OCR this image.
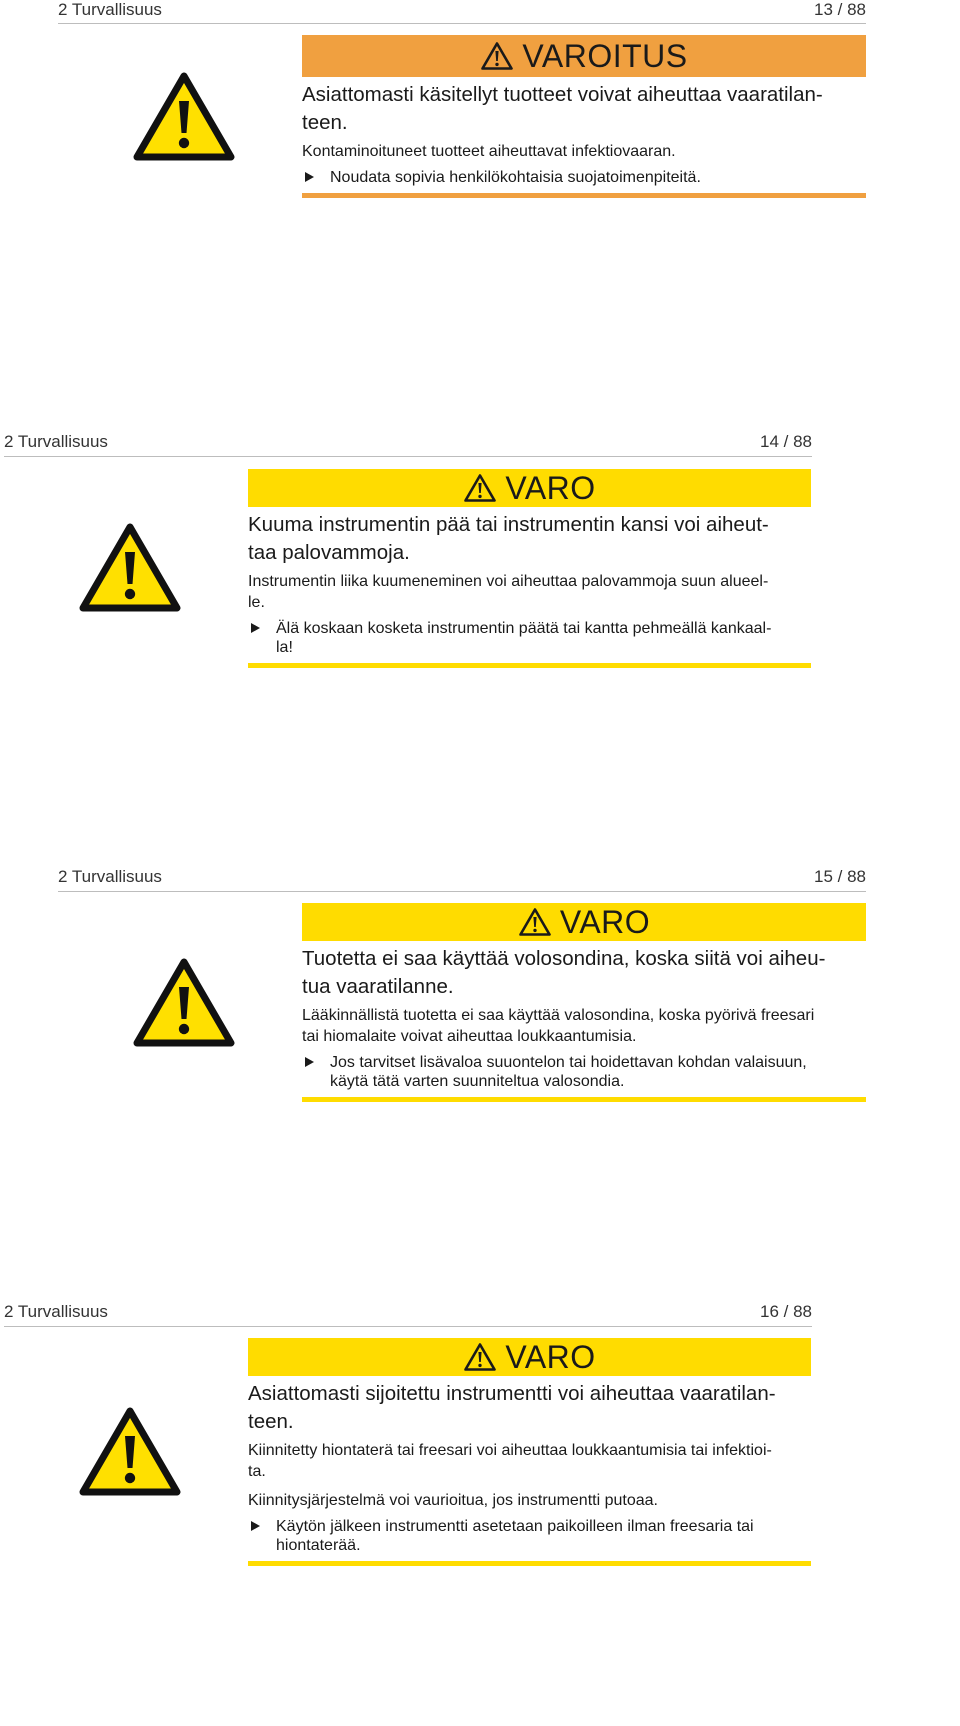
2 Turvallisuus	13 / 88
VAROITUS
Asiattomasti käsitellyt tuotteet voivat aiheuttaa vaaratilan-
teen.
Kontaminoituneet tuotteet aiheuttavat infektiovaaran.
Noudata sopivia henkilökohtaisia suojatoimenpiteitä.
2 Turvallisuus	14 / 88
VARO
Kuuma instrumentin pää tai instrumentin kansi voi aiheut-
taa palovammoja.
Instrumentin liika kuumeneminen voi aiheuttaa palovammoja suun alueel-
le.
Älä koskaan kosketa instrumentin päätä tai kantta pehmeällä kankaal-
la!
2 Turvallisuus	15 / 88
VARO
Tuotetta ei saa käyttää volosondina, koska siitä voi aiheu-
tua vaaratilanne.
Lääkinnällistä tuotetta ei saa käyttää valosondina, koska pyörivä freesari
tai hiomalaite voivat aiheuttaa loukkaantumisia.
Jos tarvitset lisävaloa suuontelon tai hoidettavan kohdan valaisuun,
käytä tätä varten suunniteltua valosondia.
2 Turvallisuus	16 / 88
VARO
Asiattomasti sijoitettu instrumentti voi aiheuttaa vaaratilan-
teen.
Kiinnitetty hiontaterä tai freesari voi aiheuttaa loukkaantumisia tai infektioi-
ta.
Kiinnitysjärjestelmä voi vaurioitua, jos instrumentti putoaa.
Käytön jälkeen instrumentti asetetaan paikoilleen ilman freesaria tai
hiontaterää.
